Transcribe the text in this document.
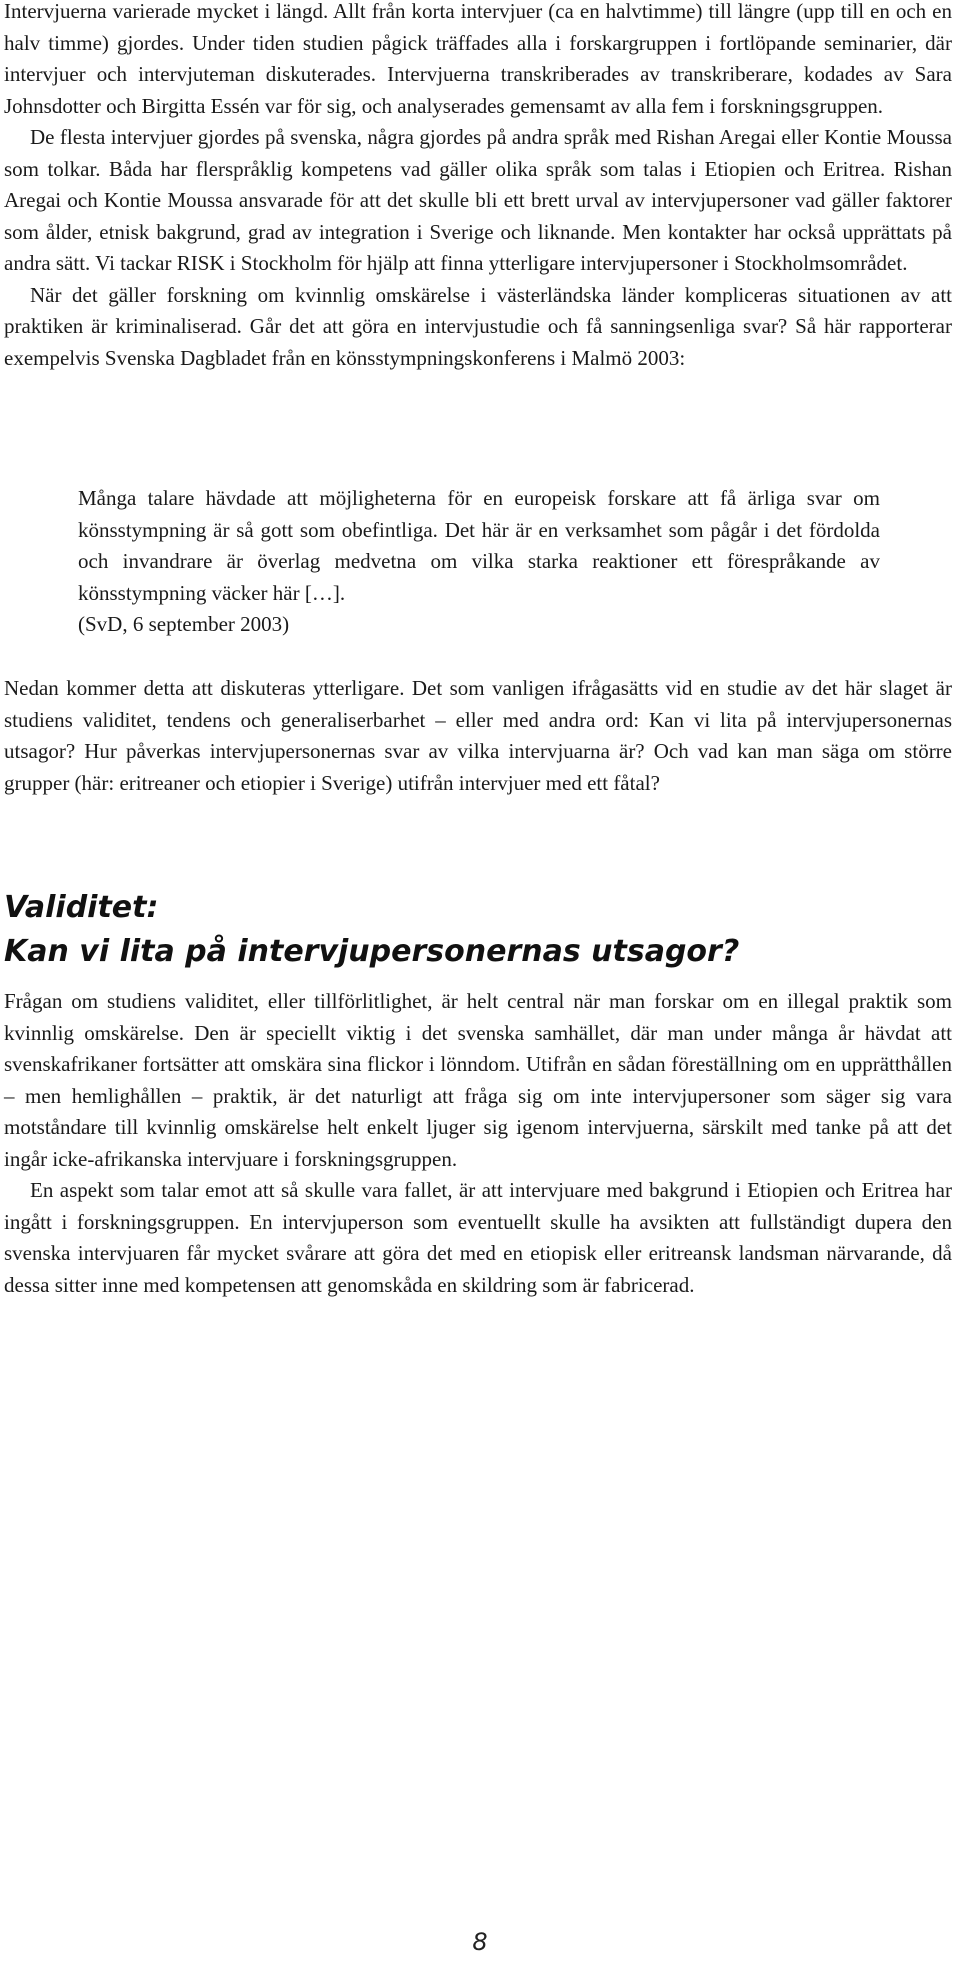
Intervjuerna varierade mycket i längd. Allt från korta intervjuer (ca en halvtimme) till längre (upp till en och en halv timme) gjordes. Under tiden studien pågick träffades alla i forskargruppen i fortlöpande seminarier, där intervjuer och intervjuteman diskuterades. Intervjuerna transkriberades av transkriberare, kodades av Sara Johnsdotter och Birgitta Essén var för sig, och analyserades gemensamt av alla fem i forskningsgruppen.

De flesta intervjuer gjordes på svenska, några gjordes på andra språk med Rishan Aregai eller Kontie Moussa som tolkar. Båda har flerspråklig kompetens vad gäller olika språk som talas i Etiopien och Eritrea. Rishan Aregai och Kontie Moussa ansvarade för att det skulle bli ett brett urval av intervjupersoner vad gäller faktorer som ålder, etnisk bakgrund, grad av integration i Sverige och liknande. Men kontakter har också upprättats på andra sätt. Vi tackar RISK i Stockholm för hjälp att finna ytterligare intervjupersoner i Stockholmsområdet.

När det gäller forskning om kvinnlig omskärelse i västerländska länder kompliceras situationen av att praktiken är kriminaliserad. Går det att göra en intervjustudie och få sanningsenliga svar? Så här rapporterar exempelvis Svenska Dagbladet från en könsstympningskonferens i Malmö 2003:

Många talare hävdade att möjligheterna för en europeisk forskare att få ärliga svar om könsstympning är så gott som obefintliga. Det här är en verksamhet som pågår i det fördolda och invandrare är överlag medvetna om vilka starka reaktioner ett förespråkande av könsstympning väcker här […].
(SvD, 6 september 2003)

Nedan kommer detta att diskuteras ytterligare. Det som vanligen ifrågasätts vid en studie av det här slaget är studiens validitet, tendens och generaliserbarhet – eller med andra ord: Kan vi lita på intervjupersonernas utsagor? Hur påverkas intervjupersonernas svar av vilka intervjuarna är? Och vad kan man säga om större grupper (här: eritreaner och etiopier i Sverige) utifrån intervjuer med ett fåtal?

Validitet:

Kan vi lita på intervjupersonernas utsagor?

Frågan om studiens validitet, eller tillförlitlighet, är helt central när man forskar om en illegal praktik som kvinnlig omskärelse. Den är speciellt viktig i det svenska samhället, där man under många år hävdat att svenskafrikaner fortsätter att omskära sina flickor i lönndom. Utifrån en sådan föreställning om en upprätthållen – men hemlighållen – praktik, är det naturligt att fråga sig om inte intervjupersoner som säger sig vara motståndare till kvinnlig omskärelse helt enkelt ljuger sig igenom intervjuerna, särskilt med tanke på att det ingår icke-afrikanska intervjuare i forskningsgruppen.

En aspekt som talar emot att så skulle vara fallet, är att intervjuare med bakgrund i Etiopien och Eritrea har ingått i forskningsgruppen. En intervjuperson som eventuellt skulle ha avsikten att fullständigt dupera den svenska intervjuaren får mycket svårare att göra det med en etiopisk eller eritreansk landsman närvarande, då dessa sitter inne med kompetensen att genomskåda en skildring som är fabricerad.

8
